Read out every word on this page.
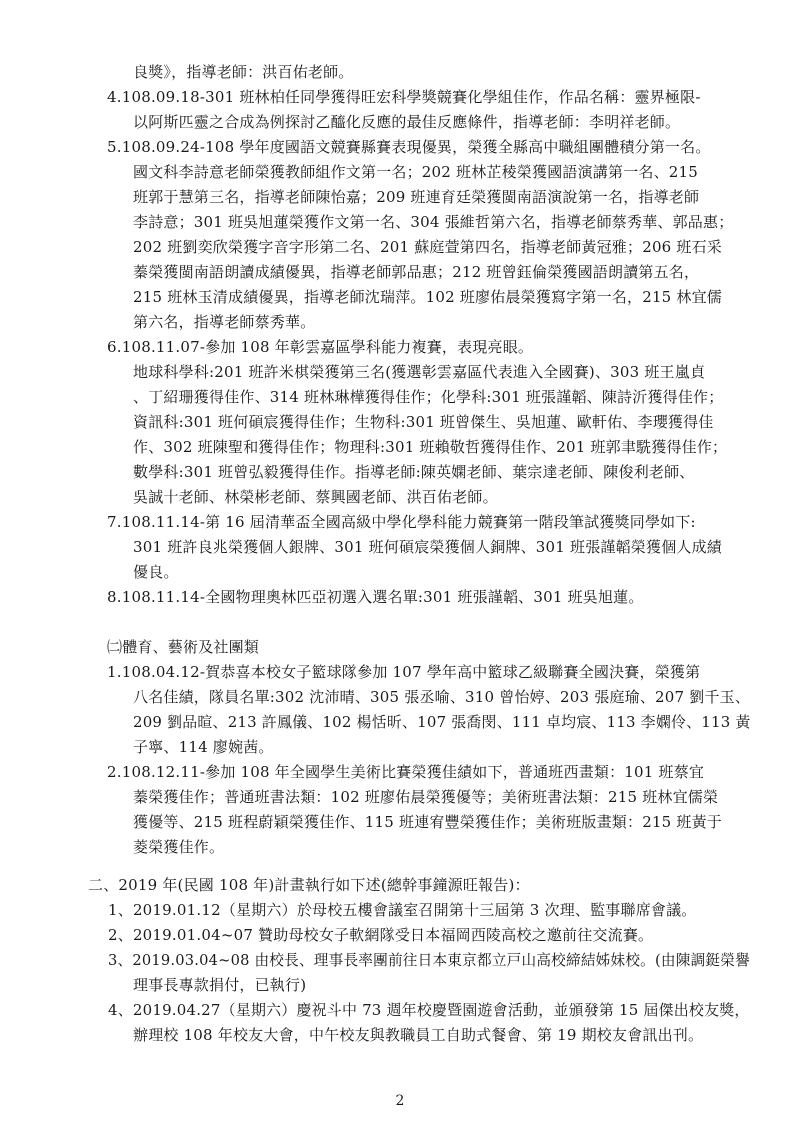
良獎》，指導老師：洪百佑老師。
4.108.09.18-301 班林柏任同學獲得旺宏科學獎競賽化學組佳作，作品名稱：靈界極限-
以阿斯匹靈之合成為例探討乙醯化反應的最佳反應條件，指導老師：李明祥老師。
5.108.09.24-108 學年度國語文競賽縣賽表現優異，榮獲全縣高中職組團體積分第一名。
國文科李詩意老師榮獲教師組作文第一名；202 班林芷稜榮獲國語演講第一名、215
班郭于慧第三名，指導老師陳怡嘉；209 班連育廷榮獲閩南語演說第一名，指導老師
李詩意；301 班吳旭蓮榮獲作文第一名、304 張維哲第六名，指導老師蔡秀華、郭品惠；
202 班劉奕欣榮獲字音字形第二名、201 蘇庭萱第四名，指導老師黃冠雅；206 班石采
蓁榮獲閩南語朗讀成績優異，指導老師郭品惠；212 班曾鈺倫榮獲國語朗讀第五名，
215 班林玉清成績優異，指導老師沈瑞萍。102 班廖佑晨榮獲寫字第一名，215 林宜儒
第六名，指導老師蔡秀華。
6.108.11.07-參加 108 年彰雲嘉區學科能力複賽，表現亮眼。
地球科學科:201 班許米棋榮獲第三名(獲選彰雲嘉區代表進入全國賽)、303 班王嵐貞
、丁紹珊獲得佳作、314 班林琳樺獲得佳作；化學科:301 班張謹韜、陳詩沂獲得佳作；
資訊科:301 班何碩宸獲得佳作；生物科:301 班曾傑生、吳旭蓮、歐軒佑、李瓔獲得佳
作、302 班陳聖和獲得佳作；物理科:301 班賴敬哲獲得佳作、201 班郭聿駪獲得佳作；
數學科:301 班曾弘毅獲得佳作。指導老師:陳英嫻老師、葉宗達老師、陳俊利老師、
吳誠十老師、林榮彬老師、蔡興國老師、洪百佑老師。
7.108.11.14-第 16 屆清華盃全國高級中學化學科能力競賽第一階段筆試獲獎同學如下:
301 班許良兆榮獲個人銀牌、301 班何碩宸榮獲個人銅牌、301 班張謹韜榮獲個人成績
優良。
8.108.11.14-全國物理奧林匹亞初選入選名單:301 班張謹韜、301 班吳旭蓮。
㈡體育、藝術及社團類
1.108.04.12-賀恭喜本校女子籃球隊參加 107 學年高中籃球乙級聯賽全國決賽，榮獲第
八名佳績，隊員名單:302 沈沛晴、305 張丞喻、310 曾怡婷、203 張庭瑜、207 劉千玉、
209 劉品暄、213 許鳳儀、102 楊恬昕、107 張喬閔、111 卓均宸、113 李嫻伶、113 黃
子寧、114 廖婉茜。
2.108.12.11-參加 108 年全國學生美術比賽榮獲佳績如下，普通班西畫類：101 班蔡宜
蓁榮獲佳作；普通班書法類：102 班廖佑晨榮獲優等；美術班書法類：215 班林宜儒榮
獲優等、215 班程蔚穎榮獲佳作、115 班連宥豐榮獲佳作；美術班版畫類：215 班黃于
菱榮獲佳作。
二、2019 年(民國 108 年)計畫執行如下述(總幹事鐘源旺報告)：
1、2019.01.12（星期六）於母校五樓會議室召開第十三屆第 3 次理、監事聯席會議。
2、2019.01.04~07 贊助母校女子軟網隊受日本福岡西陵高校之邀前往交流賽。
3、2019.03.04~08 由校長、理事長率團前往日本東京都立戸山高校締結姊妹校。(由陳調鋌榮譽
理事長專款捐付，已執行)
4、2019.04.27（星期六）慶祝斗中 73 週年校慶暨園遊會活動，並頒發第 15 屆傑出校友獎，
辦理校 108 年校友大會，中午校友與教職員工自助式餐會、第 19 期校友會訊出刊。
2
